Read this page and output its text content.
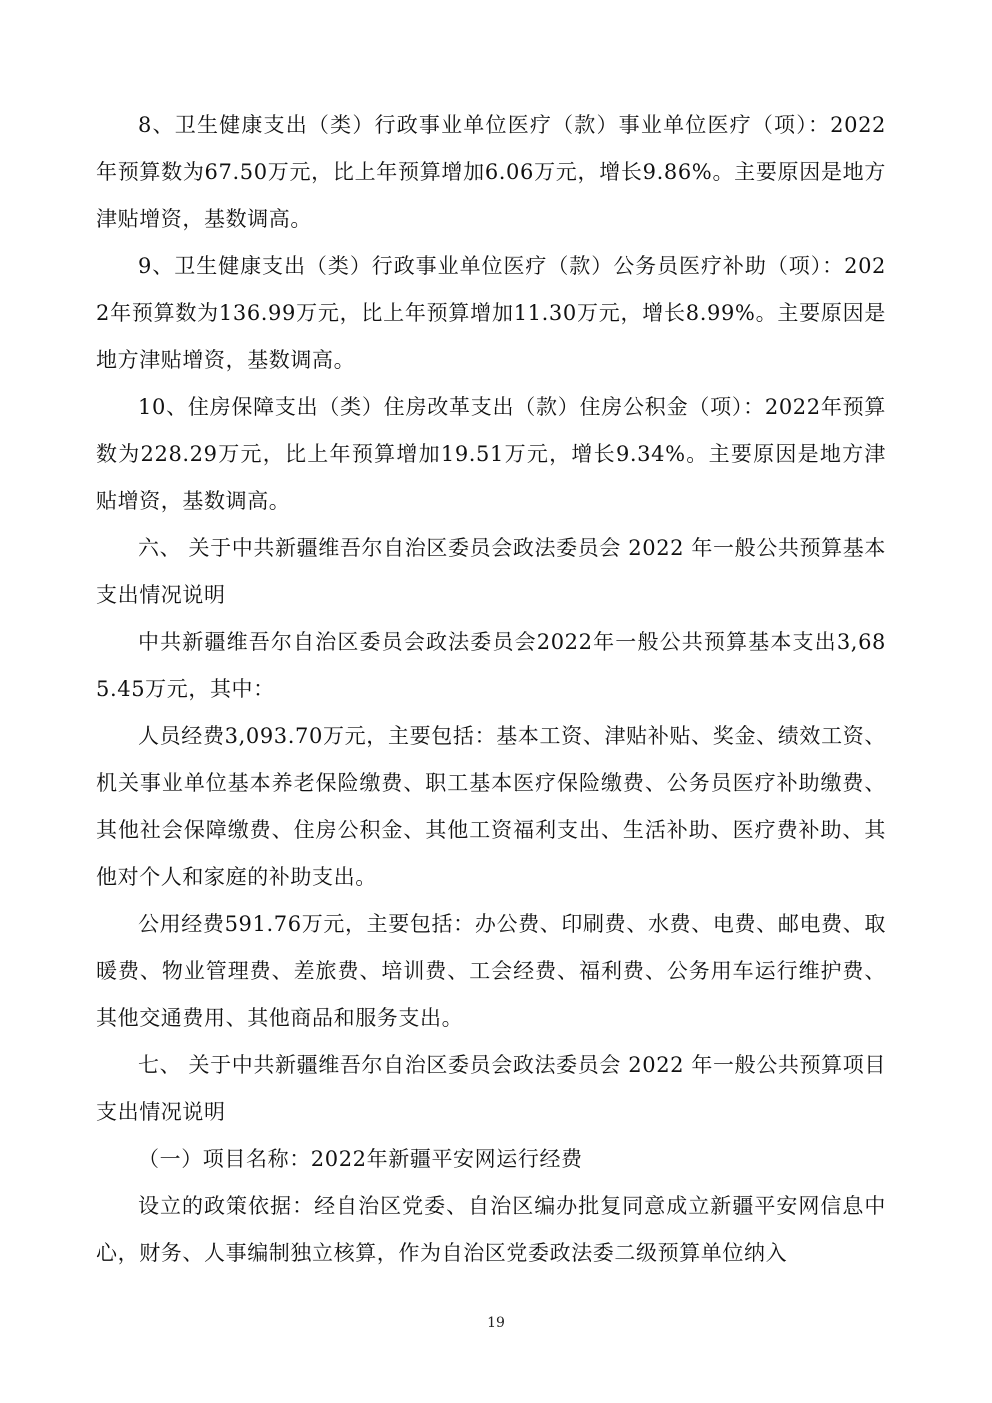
8、卫生健康支出（类）行政事业单位医疗（款）事业单位医疗（项）：2022年预算数为67.50万元，比上年预算增加6.06万元，增长9.86%。主要原因是地方津贴增资，基数调高。

9、卫生健康支出（类）行政事业单位医疗（款）公务员医疗补助（项）：2022年预算数为136.99万元，比上年预算增加11.30万元，增长8.99%。主要原因是地方津贴增资，基数调高。

10、住房保障支出（类）住房改革支出（款）住房公积金（项）：2022年预算数为228.29万元，比上年预算增加19.51万元，增长9.34%。主要原因是地方津贴增资，基数调高。

六、 关于中共新疆维吾尔自治区委员会政法委员会 2022 年一般公共预算基本支出情况说明

中共新疆维吾尔自治区委员会政法委员会2022年一般公共预算基本支出3,685.45万元，其中：

人员经费3,093.70万元，主要包括：基本工资、津贴补贴、奖金、绩效工资、机关事业单位基本养老保险缴费、职工基本医疗保险缴费、公务员医疗补助缴费、其他社会保障缴费、住房公积金、其他工资福利支出、生活补助、医疗费补助、其他对个人和家庭的补助支出。

公用经费591.76万元，主要包括：办公费、印刷费、水费、电费、邮电费、取暖费、物业管理费、差旅费、培训费、工会经费、福利费、公务用车运行维护费、其他交通费用、其他商品和服务支出。

七、 关于中共新疆维吾尔自治区委员会政法委员会 2022 年一般公共预算项目支出情况说明

（一）项目名称：2022年新疆平安网运行经费

设立的政策依据：经自治区党委、自治区编办批复同意成立新疆平安网信息中心，财务、人事编制独立核算，作为自治区党委政法委二级预算单位纳入

19
